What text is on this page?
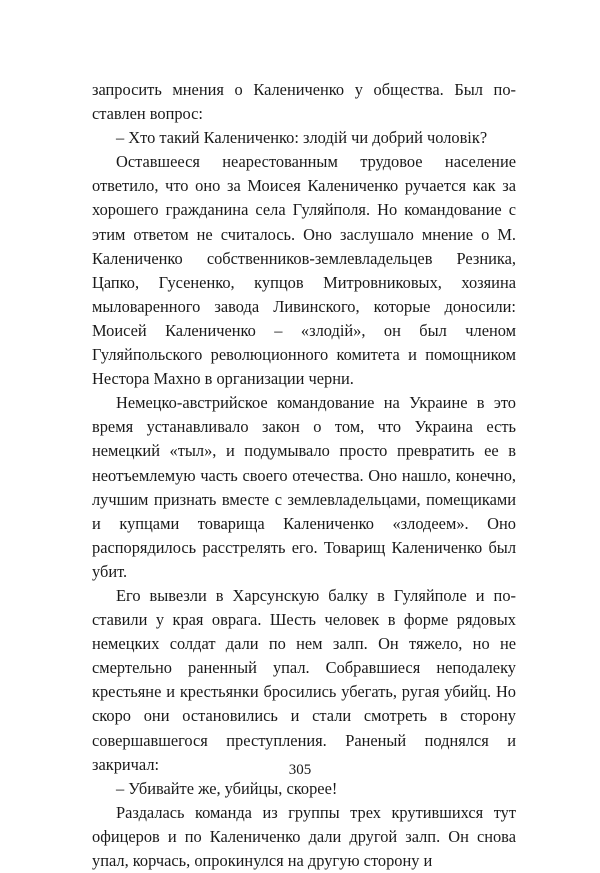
запросить мнения о Калениченко у общества. Был поставлен вопрос:

– Хто такий Калениченко: злодій чи добрий чоловік?

Оставшееся неарестованным трудовое население ответило, что оно за Моисея Калениченко ручается как за хорошего гражданина села Гуляйполя. Но командование с этим ответом не считалось. Оно заслушало мнение о М. Калениченко собственников-землевладельцев Резника, Цапко, Гусененко, купцов Митровниковых, хозяина мыловаренного завода Ливинского, которые доносили: Моисей Калениченко – «злодій», он был членом Гуляйпольского революционного комитета и помощником Нестора Махно в организации черни.

Немецко-австрийское командование на Украине в это время устанавливало закон о том, что Украина есть немецкий «тыл», и подумывало просто превратить ее в неотъемлемую часть своего отечества. Оно нашло, конечно, лучшим признать вместе с землевладельцами, помещиками и купцами товарища Калениченко «злодеем». Оно распорядилось расстрелять его. Товарищ Калениченко был убит.

Его вывезли в Харсунскую балку в Гуляйполе и поставили у края оврага. Шесть человек в форме рядовых немецких солдат дали по нем залп. Он тяжело, но не смертельно раненный упал. Собравшиеся неподалеку крестьяне и крестьянки бросились убегать, ругая убийц. Но скоро они остановились и стали смотреть в сторону совершавшегося преступления. Раненый поднялся и закричал:

– Убивайте же, убийцы, скорее!

Раздалась команда из группы трех крутившихся тут офицеров и по Калениченко дали другой залп. Он снова упал, корчась, опрокинулся на другую сторону и

305
